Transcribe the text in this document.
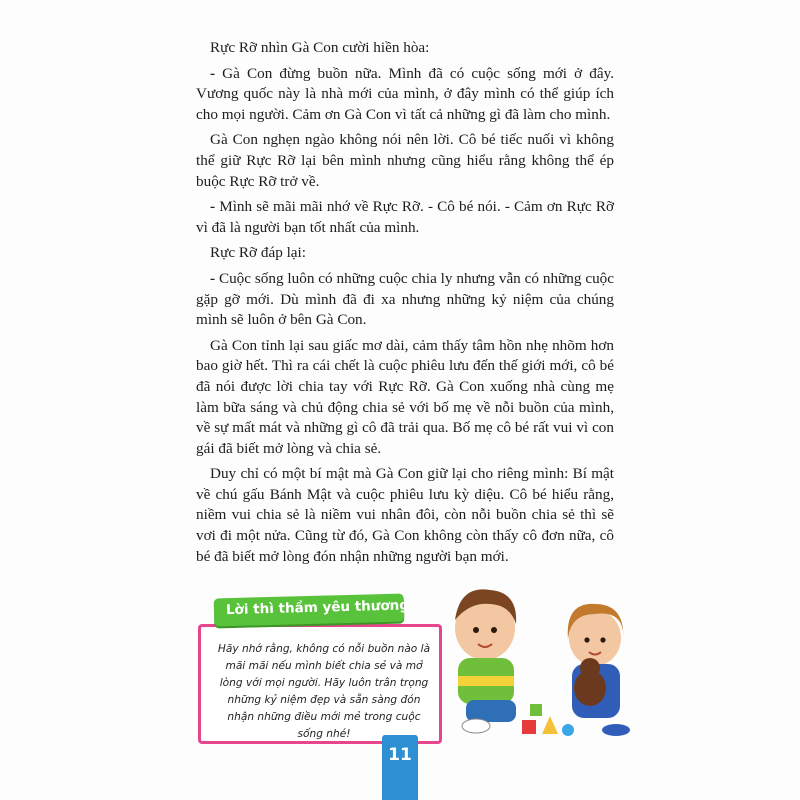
Rực Rỡ nhìn Gà Con cười hiền hòa:

- Gà Con đừng buồn nữa. Mình đã có cuộc sống mới ở đây. Vương quốc này là nhà mới của mình, ở đây mình có thể giúp ích cho mọi người. Cảm ơn Gà Con vì tất cả những gì đã làm cho mình.

Gà Con nghẹn ngào không nói nên lời. Cô bé tiếc nuối vì không thể giữ Rực Rỡ lại bên mình nhưng cũng hiểu rằng không thể ép buộc Rực Rỡ trở về.

- Mình sẽ mãi mãi nhớ về Rực Rỡ. - Cô bé nói. - Cảm ơn Rực Rỡ vì đã là người bạn tốt nhất của mình.

Rực Rỡ đáp lại:

- Cuộc sống luôn có những cuộc chia ly nhưng vẫn có những cuộc gặp gỡ mới. Dù mình đã đi xa nhưng những kỷ niệm của chúng mình sẽ luôn ở bên Gà Con.

Gà Con tỉnh lại sau giấc mơ dài, cảm thấy tâm hồn nhẹ nhõm hơn bao giờ hết. Thì ra cái chết là cuộc phiêu lưu đến thế giới mới, cô bé đã nói được lời chia tay với Rực Rỡ. Gà Con xuống nhà cùng mẹ làm bữa sáng và chủ động chia sẻ với bố mẹ về nỗi buồn của mình, về sự mất mát và những gì cô đã trải qua. Bố mẹ cô bé rất vui vì con gái đã biết mở lòng và chia sẻ.

Duy chỉ có một bí mật mà Gà Con giữ lại cho riêng mình: Bí mật về chú gấu Bánh Mật và cuộc phiêu lưu kỳ diệu. Cô bé hiểu rằng, niềm vui chia sẻ là niềm vui nhân đôi, còn nỗi buồn chia sẻ thì sẽ vơi đi một nửa. Cũng từ đó, Gà Con không còn thấy cô đơn nữa, cô bé đã biết mở lòng đón nhận những người bạn mới.

Hãy nhớ rằng, không có nỗi buồn nào là mãi mãi nếu mình biết chia sẻ và mở lòng với mọi người. Hãy luôn trân trọng những kỷ niệm đẹp và sẵn sàng đón nhận những điều mới mẻ trong cuộc sống nhé!
Lời thì thầm yêu thương:
11
